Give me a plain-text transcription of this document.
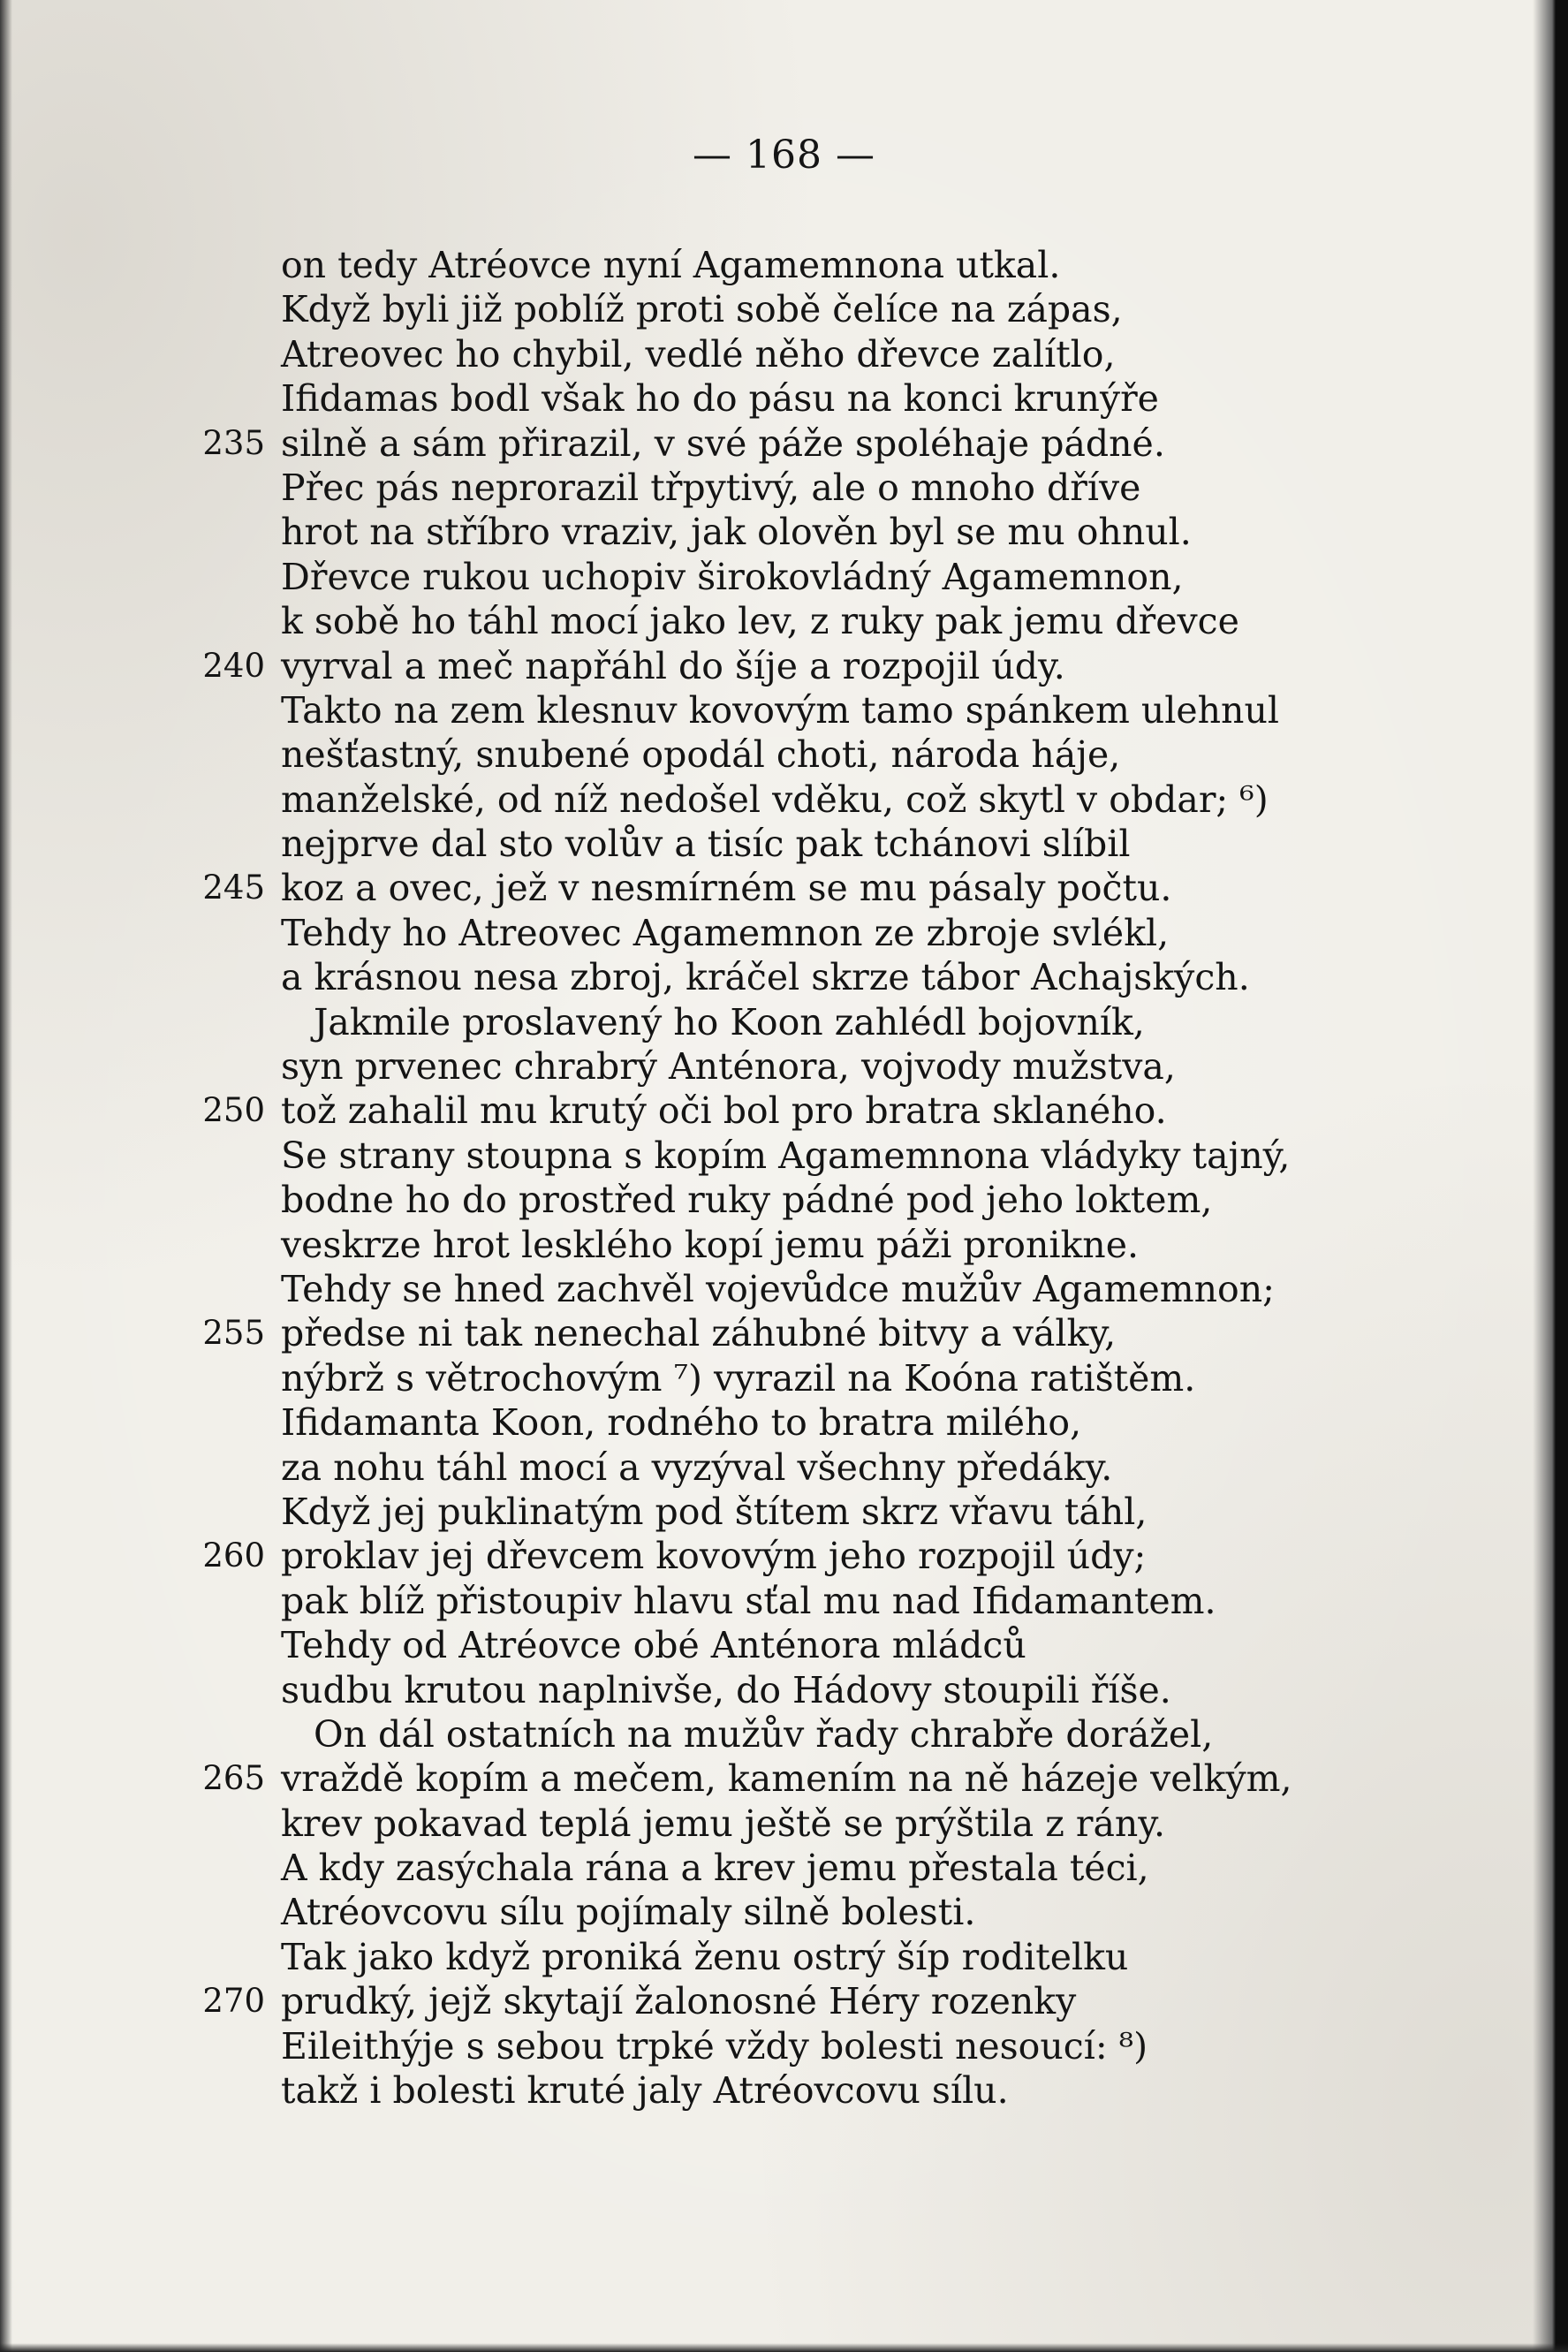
— 168 —
on tedy Atréovce nyní Agamemnona utkal.
Když byli již poblíž proti sobě čelíce na zápas,
Atreovec ho chybil, vedlé něho dřevce zalítlo,
Ifidamas bodl však ho do pásu na konci krunýře
235 silně a sám přirazil, v své páže spoléhaje pádné.
Přec pás neprorazil třpytivý, ale o mnoho dříve
hrot na stříbro vraziv, jak olověn byl se mu ohnul.
Dřevce rukou uchopiv širokovládný Agamemnon,
k sobě ho táhl mocí jako lev, z ruky pak jemu dřevce
240 vyrval a meč napřáhl do šíje a rozpojil údy.
Takto na zem klesnuv kovovým tamo spánkem ulehnul
nešťastný, snubené opodál choti, národa háje,
manželské, od níž nedošel vděku, což skytl v obdar; ⁶)
nejprve dal sto volův a tisíc pak tchánovi slíbil
245 koz a ovec, jež v nesmírném se mu pásaly počtu.
Tehdy ho Atreovec Agamemnon ze zbroje svlékl,
a krásnou nesa zbroj, kráčel skrze tábor Achajských.
Jakmile proslavený ho Koon zahlédl bojovník,
syn prvenec chrabrý Anténora, vojvody mužstva,
250 tož zahalil mu krutý oči bol pro bratra sklaného.
Se strany stoupna s kopím Agamemnona vládyky tajný,
bodne ho do prostřed ruky pádné pod jeho loktem,
veskrze hrot lesklého kopí jemu páži pronikne.
Tehdy se hned zachvěl vojevůdce mužův Agamemnon;
255 předse ni tak nenechal záhubné bitvy a války,
nýbrž s větrochovým ⁷) vyrazil na Koóna ratištěm.
Ifidamanta Koon, rodného to bratra milého,
za nohu táhl mocí a vyzýval všechny předáky.
Když jej puklinatým pod štítem skrz vřavu táhl,
260 proklav jej dřevcem kovovým jeho rozpojil údy;
pak blíž přistoupiv hlavu sťal mu nad Ifidamantem.
Tehdy od Atréovce obé Anténora mládců
sudbu krutou naplnivše, do Hádovy stoupili říše.
On dál ostatních na mužův řady chrabře dorážel,
265 vraždě kopím a mečem, kamením na ně házeje velkým,
krev pokavad teplá jemu ještě se prýštila z rány.
A kdy zasýchala rána a krev jemu přestala téci,
Atréovcovu sílu pojímaly silně bolesti.
Tak jako když proniká ženu ostrý šíp roditelku
270 prudký, jejž skytají žalonosné Héry rozenky
Eileithýje s sebou trpké vždy bolesti nesoucí: ⁸)
takž i bolesti kruté jaly Atréovcovu sílu.
